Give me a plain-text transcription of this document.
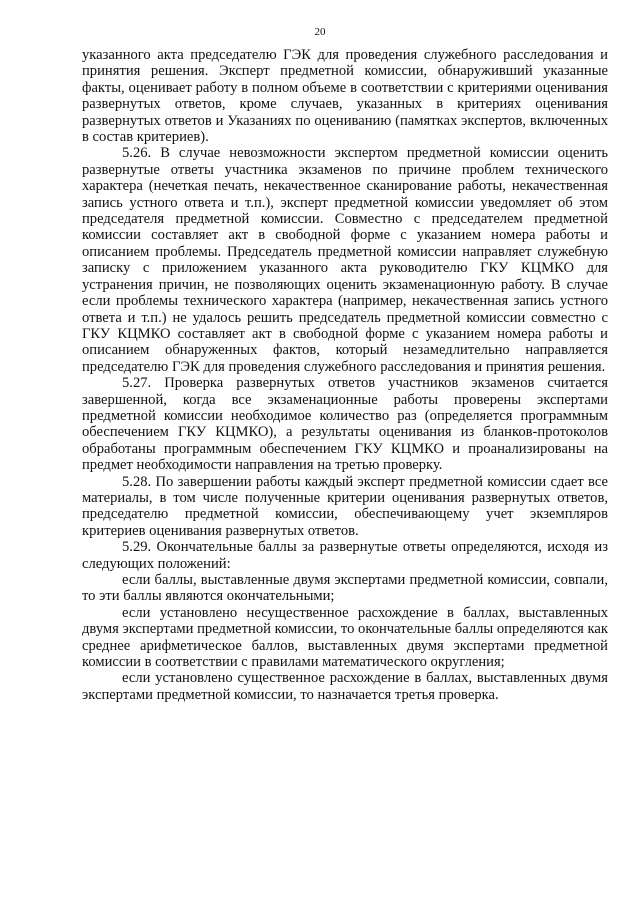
20

указанного акта председателю ГЭК для проведения служебного расследования и принятия решения. Эксперт предметной комиссии, обнаруживший указанные факты, оценивает работу в полном объеме в соответствии с критериями оценивания развернутых ответов, кроме случаев, указанных в критериях оценивания развернутых ответов и Указаниях по оцениванию (памятках экспертов, включенных в состав критериев).

5.26. В случае невозможности экспертом предметной комиссии оценить развернутые ответы участника экзаменов по причине проблем технического характера (нечеткая печать, некачественное сканирование работы, некачественная запись устного ответа и т.п.), эксперт предметной комиссии уведомляет об этом председателя предметной комиссии. Совместно с председателем предметной комиссии составляет акт в свободной форме с указанием номера работы и описанием проблемы. Председатель предметной комиссии направляет служебную записку с приложением указанного акта руководителю ГКУ КЦМКО для устранения причин, не позволяющих оценить экзаменационную работу. В случае если проблемы технического характера (например, некачественная запись устного ответа и т.п.) не удалось решить председатель предметной комиссии совместно с ГКУ КЦМКО составляет акт в свободной форме с указанием номера работы и описанием обнаруженных фактов, который незамедлительно направляется председателю ГЭК для проведения служебного расследования и принятия решения.

5.27. Проверка развернутых ответов участников экзаменов считается завершенной, когда все экзаменационные работы проверены экспертами предметной комиссии необходимое количество раз (определяется программным обеспечением ГКУ КЦМКО), а результаты оценивания из бланков-протоколов обработаны программным обеспечением ГКУ КЦМКО и проанализированы на предмет необходимости направления на третью проверку.

5.28. По завершении работы каждый эксперт предметной комиссии сдает все материалы, в том числе полученные критерии оценивания развернутых ответов, председателю предметной комиссии, обеспечивающему учет экземпляров критериев оценивания развернутых ответов.

5.29. Окончательные баллы за развернутые ответы определяются, исходя из следующих положений:

если баллы, выставленные двумя экспертами предметной комиссии, совпали, то эти баллы являются окончательными;

если установлено несущественное расхождение в баллах, выставленных двумя экспертами предметной комиссии, то окончательные баллы определяются как среднее арифметическое баллов, выставленных двумя экспертами предметной комиссии в соответствии с правилами математического округления;

если установлено существенное расхождение в баллах, выставленных двумя экспертами предметной комиссии, то назначается третья проверка.
